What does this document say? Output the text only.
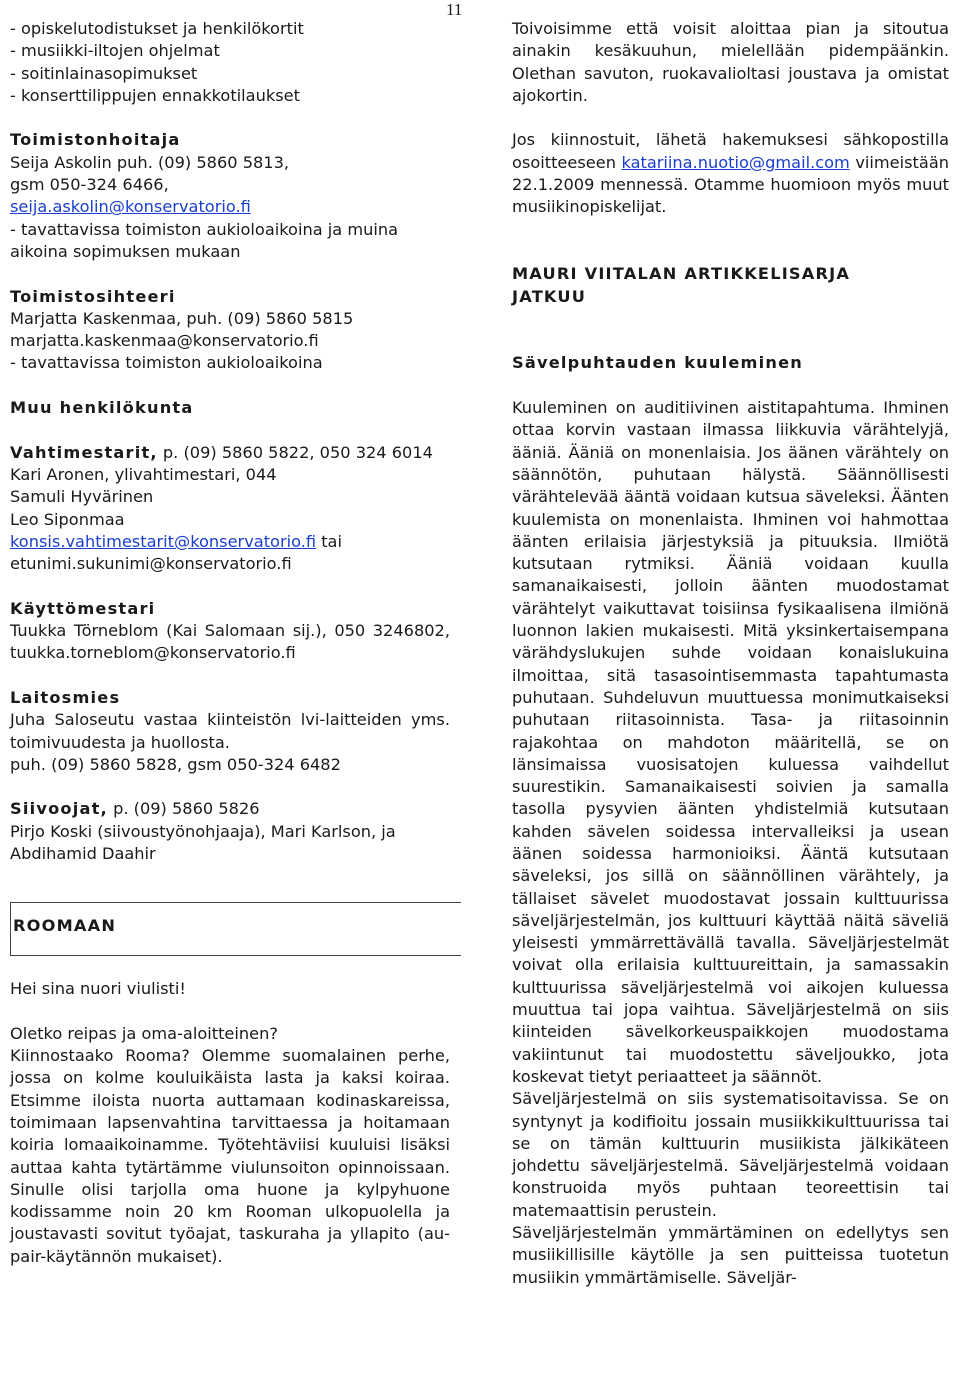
11

- opiskelutodistukset ja henkilökortit

- musiikki-iltojen ohjelmat

- soitinlainasopimukset

- konserttilippujen ennakkotilaukset

Toimistonhoitaja

Seija Askolin puh. (09) 5860 5813,

gsm 050-324 6466,

seija.askolin@konservatorio.fi

- tavattavissa toimiston aukioloaikoina ja muina aikoina sopimuksen mukaan

Toimistosihteeri

Marjatta Kaskenmaa, puh. (09) 5860 5815

marjatta.kaskenmaa@konservatorio.fi

- tavattavissa toimiston aukioloaikoina

Muu henkilökunta

Vahtimestarit, p. (09) 5860 5822, 050 324 6014

Kari Aronen, ylivahtimestari, 044

Samuli Hyvärinen

Leo Siponmaa

konsis.vahtimestarit@konservatorio.fi tai

etunimi.sukunimi@konservatorio.fi

Käyttömestari

Tuukka Törneblom (Kai Salomaan sij.), 050 3246802, tuukka.torneblom@konservatorio.fi

Laitosmies

Juha Saloseutu vastaa kiinteistön lvi-laitteiden yms. toimivuudesta ja huollosta.

puh. (09) 5860 5828, gsm 050-324 6482

Siivoojat, p. (09) 5860 5826

Pirjo Koski (siivoustyönohjaaja), Mari Karlson, ja Abdihamid Daahir

ROOMAAN

Hei sina nuori viulisti!

Oletko reipas ja oma-aloitteinen?

Kiinnostaako Rooma? Olemme suomalainen perhe, jossa on kolme kouluikäista lasta ja kaksi koiraa. Etsimme iloista nuorta auttamaan kodinaskareissa, toimimaan lapsenvahtina tarvittaessa ja hoitamaan koiria lomaaikoinamme. Työtehtäviisi kuuluisi lisäksi auttaa kahta tytärtämme viulunsoiton opinnoissaan. Sinulle olisi tarjolla oma huone ja kylpyhuone kodissamme noin 20 km Rooman ulkopuolella ja joustavasti sovitut työajat, taskuraha ja yllapito (au-pair-käytännön mukaiset).

Toivoisimme että voisit aloittaa pian ja sitoutua ainakin kesäkuuhun, mielellään pidempäänkin. Olethan savuton, ruokavalioltasi joustava ja omistat ajokortin.

Jos kiinnostuit, lähetä hakemuksesi sähkopostilla osoitteeseen katariina.nuotio@gmail.com viimeistään 22.1.2009 mennessä. Otamme huomioon myös muut musiikinopiskelijat.

MAURI VIITALAN ARTIKKELISARJA

JATKUU

Sävelpuhtauden kuuleminen

Kuuleminen on auditiivinen aistitapahtuma. Ihminen ottaa korvin vastaan ilmassa liikkuvia värähtelyjä, ääniä. Ääniä on monenlaisia. Jos äänen värähtely on säännötön, puhutaan hälystä. Säännöllisesti värähtelevää ääntä voidaan kutsua säveleksi. Äänten kuulemista on monenlaista. Ihminen voi hahmottaa äänten erilaisia järjestyksiä ja pituuksia. Ilmiötä kutsutaan rytmiksi. Ääniä voidaan kuulla samanaikaisesti, jolloin äänten muodostamat värähtelyt vaikuttavat toisiinsa fysikaalisena ilmiönä luonnon lakien mukaisesti. Mitä yksinkertaisempana värähdyslukujen suhde voidaan konaislukuina ilmoittaa, sitä tasasointisemmasta tapahtumasta puhutaan. Suhdeluvun muuttuessa monimutkaiseksi puhutaan riitasoinnista. Tasa- ja riitasoinnin rajakohtaa on mahdoton määritellä, se on länsimaissa vuosisatojen kuluessa vaihdellut suurestikin. Samanaikaisesti soivien ja samalla tasolla pysyvien äänten yhdistelmiä kutsutaan kahden sävelen soidessa intervalleiksi ja usean äänen soidessa harmonioiksi. Ääntä kutsutaan säveleksi, jos sillä on säännöllinen värähtely, ja tällaiset sävelet muodostavat jossain kulttuurissa säveljärjestelmän, jos kulttuuri käyttää näitä säveliä yleisesti ymmärrettävällä tavalla. Säveljärjestelmät voivat olla erilaisia kulttuureittain, ja samassakin kulttuurissa säveljärjestelmä voi aikojen kuluessa muuttua tai jopa vaihtua. Säveljärjestelmä on siis kiinteiden sävelkorkeuspaikkojen muodostama vakiintunut tai muodostettu säveljoukko, jota koskevat tietyt periaatteet ja säännöt.

Säveljärjestelmä on siis systematisoitavissa. Se on syntynyt ja kodifioitu jossain musiikkikulttuurissa tai se on tämän kulttuurin musiikista jälkikäteen johdettu säveljärjestelmä. Säveljärjestelmä voidaan konstruoida myös puhtaan teoreettisin tai matemaattisin perustein.

Säveljärjestelmän ymmärtäminen on edellytys sen musiikillisille käytölle ja sen puitteissa tuotetun musiikin ymmärtämiselle. Säveljär-
